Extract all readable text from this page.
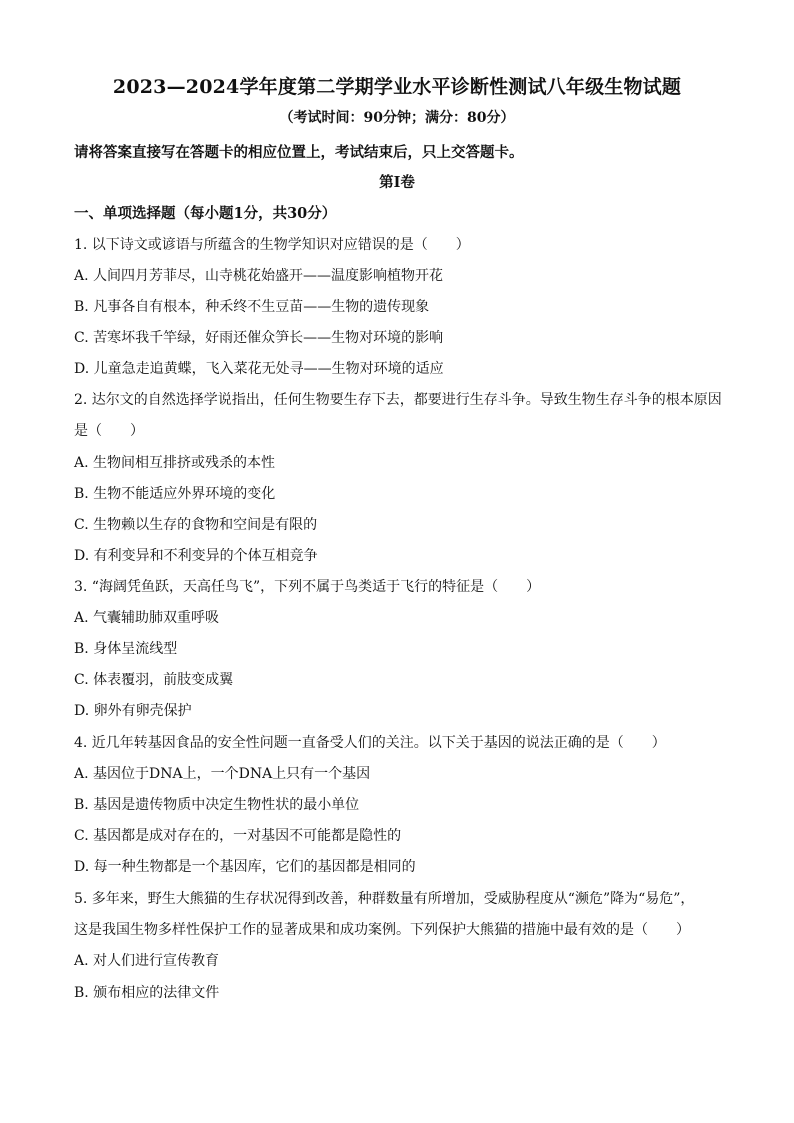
2023—2024学年度第二学期学业水平诊断性测试八年级生物试题
（考试时间：90分钟；满分：80分）
请将答案直接写在答题卡的相应位置上，考试结束后，只上交答题卡。
第Ⅰ卷
一、单项选择题（每小题1分，共30分）
1. 以下诗文或谚语与所蕴含的生物学知识对应错误的是（　　）
A. 人间四月芳菲尽，山寺桃花始盛开——温度影响植物开花
B. 凡事各自有根本，种禾终不生豆苗——生物的遗传现象
C. 苦寒坏我千竿绿，好雨还催众笋长——生物对环境的影响
D. 儿童急走追黄蝶，飞入菜花无处寻——生物对环境的适应
2. 达尔文的自然选择学说指出，任何生物要生存下去，都要进行生存斗争。导致生物生存斗争的根本原因
是（　　）
A. 生物间相互排挤或残杀的本性
B. 生物不能适应外界环境的变化
C. 生物赖以生存的食物和空间是有限的
D. 有利变异和不利变异的个体互相竞争
3. “海阔凭鱼跃，天高任鸟飞”，下列不属于鸟类适于飞行的特征是（　　）
A. 气囊辅助肺双重呼吸
B. 身体呈流线型
C. 体表覆羽，前肢变成翼
D. 卵外有卵壳保护
4. 近几年转基因食品的安全性问题一直备受人们的关注。以下关于基因的说法正确的是（　　）
A. 基因位于DNA上，一个DNA上只有一个基因
B. 基因是遗传物质中决定生物性状的最小单位
C. 基因都是成对存在的，一对基因不可能都是隐性的
D. 每一种生物都是一个基因库，它们的基因都是相同的
5. 多年来，野生大熊猫的生存状况得到改善，种群数量有所增加，受威胁程度从“濒危”降为“易危”，
这是我国生物多样性保护工作的显著成果和成功案例。下列保护大熊猫的措施中最有效的是（　　）
A. 对人们进行宣传教育
B. 颁布相应的法律文件
